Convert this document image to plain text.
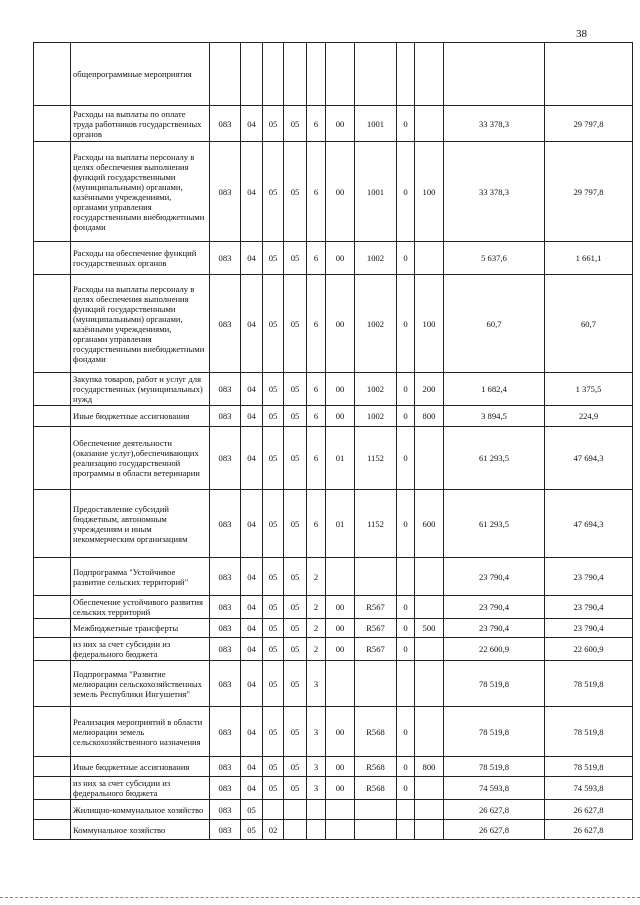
38
	общепрограммные мероприятия											
	Расходы на выплаты по оплате труда работников государственных органов	083	04	05	05	6	00	1001	0		33 378,3	29 797,8
	Расходы на выплаты персоналу в целях обеспечения выполнения функций государственными (муниципальными) органами, казёнными учреждениями, органами управления государственными внебюджетными фондами	083	04	05	05	6	00	1001	0	100	33 378,3	29 797,8
	Расходы на обеспечение функций государственных органов	083	04	05	05	6	00	1002	0		5 637,6	1 661,1
	Расходы на выплаты персоналу в целях обеспечения выполнения функций государственными (муниципальными) органами, казёнными учреждениями, органами управления государственными внебюджетными фондами	083	04	05	05	6	00	1002	0	100	60,7	60,7
	Закупка товаров, работ и услуг для государственных (муниципальных) нужд	083	04	05	05	6	00	1002	0	200	1 682,4	1 375,5
	Иные бюджетные ассигнования	083	04	05	05	6	00	1002	0	800	3 894,5	224,9
	Обеспечение деятельности (оказание услуг),обеспечивающих реализацию государственной программы в области ветеринарии	083	04	05	05	6	01	1152	0		61 293,5	47 694,3
	Предоставление субсидий бюджетным, автономным учреждениям и иным некоммерческим организациям	083	04	05	05	6	01	1152	0	600	61 293,5	47 694,3
	Подпрограмма "Устойчивое развитие сельских территорий"	083	04	05	05	2					23 790,4	23 790,4
	Обеспечение устойчивого развития сельских территорий	083	04	05	05	2	00	R567	0		23 790,4	23 790,4
	Межбюджетные трансферты	083	04	05	05	2	00	R567	0	500	23 790,4	23 790,4
	из них за счет субсидии из федерального бюджета	083	04	05	05	2	00	R567	0		22 600,9	22 600,9
	Подпрограмма "Развитие мелиорации сельскохозяйственных земель Республики Ингушетия"	083	04	05	05	3					78 519,8	78 519,8
	Реализация мероприятий в области мелиорации земель сельскохозяйственного назначения	083	04	05	05	3	00	R568	0		78 519,8	78 519,8
	Иные бюджетные ассигнования	083	04	05	05	3	00	R568	0	800	78 519,8	78 519,8
	из них за счет субсидии из федерального бюджета	083	04	05	05	3	00	R568	0		74 593,8	74 593,8
	Жилищно-коммунальное хозяйство	083	05								26 627,8	26 627,8
	Коммунальное хозяйство	083	05	02							26 627,8	26 627,8
